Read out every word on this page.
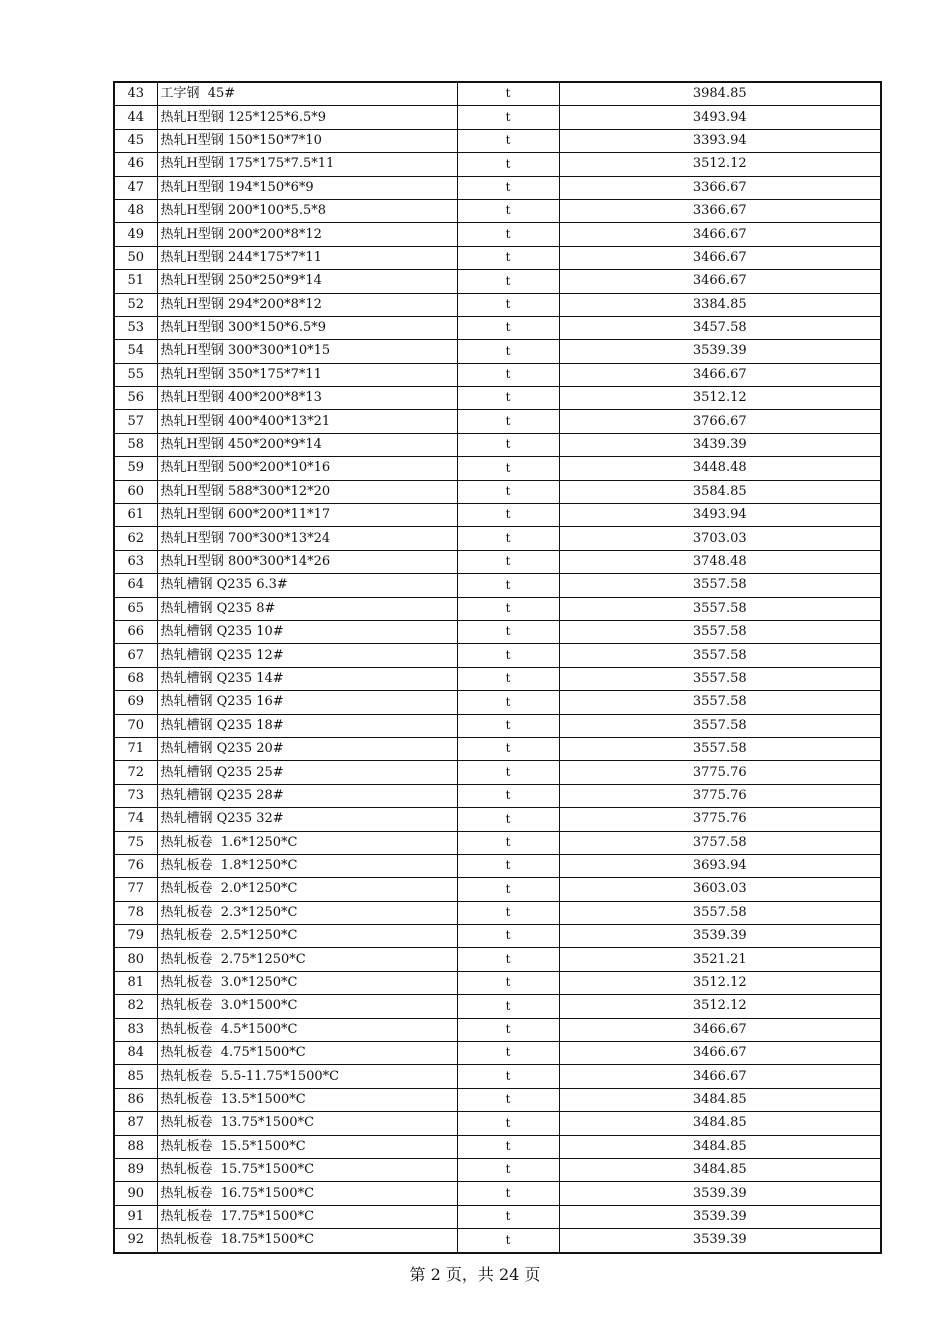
43	工字钢  45#	t	3984.85
44	热轧H型钢 125*125*6.5*9	t	3493.94
45	热轧H型钢 150*150*7*10	t	3393.94
46	热轧H型钢 175*175*7.5*11	t	3512.12
47	热轧H型钢 194*150*6*9	t	3366.67
48	热轧H型钢 200*100*5.5*8	t	3366.67
49	热轧H型钢 200*200*8*12	t	3466.67
50	热轧H型钢 244*175*7*11	t	3466.67
51	热轧H型钢 250*250*9*14	t	3466.67
52	热轧H型钢 294*200*8*12	t	3384.85
53	热轧H型钢 300*150*6.5*9	t	3457.58
54	热轧H型钢 300*300*10*15	t	3539.39
55	热轧H型钢 350*175*7*11	t	3466.67
56	热轧H型钢 400*200*8*13	t	3512.12
57	热轧H型钢 400*400*13*21	t	3766.67
58	热轧H型钢 450*200*9*14	t	3439.39
59	热轧H型钢 500*200*10*16	t	3448.48
60	热轧H型钢 588*300*12*20	t	3584.85
61	热轧H型钢 600*200*11*17	t	3493.94
62	热轧H型钢 700*300*13*24	t	3703.03
63	热轧H型钢 800*300*14*26	t	3748.48
64	热轧槽钢 Q235 6.3#	t	3557.58
65	热轧槽钢 Q235 8#	t	3557.58
66	热轧槽钢 Q235 10#	t	3557.58
67	热轧槽钢 Q235 12#	t	3557.58
68	热轧槽钢 Q235 14#	t	3557.58
69	热轧槽钢 Q235 16#	t	3557.58
70	热轧槽钢 Q235 18#	t	3557.58
71	热轧槽钢 Q235 20#	t	3557.58
72	热轧槽钢 Q235 25#	t	3775.76
73	热轧槽钢 Q235 28#	t	3775.76
74	热轧槽钢 Q235 32#	t	3775.76
75	热轧板卷  1.6*1250*C	t	3757.58
76	热轧板卷  1.8*1250*C	t	3693.94
77	热轧板卷  2.0*1250*C	t	3603.03
78	热轧板卷  2.3*1250*C	t	3557.58
79	热轧板卷  2.5*1250*C	t	3539.39
80	热轧板卷  2.75*1250*C	t	3521.21
81	热轧板卷  3.0*1250*C	t	3512.12
82	热轧板卷  3.0*1500*C	t	3512.12
83	热轧板卷  4.5*1500*C	t	3466.67
84	热轧板卷  4.75*1500*C	t	3466.67
85	热轧板卷  5.5-11.75*1500*C	t	3466.67
86	热轧板卷  13.5*1500*C	t	3484.85
87	热轧板卷  13.75*1500*C	t	3484.85
88	热轧板卷  15.5*1500*C	t	3484.85
89	热轧板卷  15.75*1500*C	t	3484.85
90	热轧板卷  16.75*1500*C	t	3539.39
91	热轧板卷  17.75*1500*C	t	3539.39
92	热轧板卷  18.75*1500*C	t	3539.39
第 2 页，共 24 页
